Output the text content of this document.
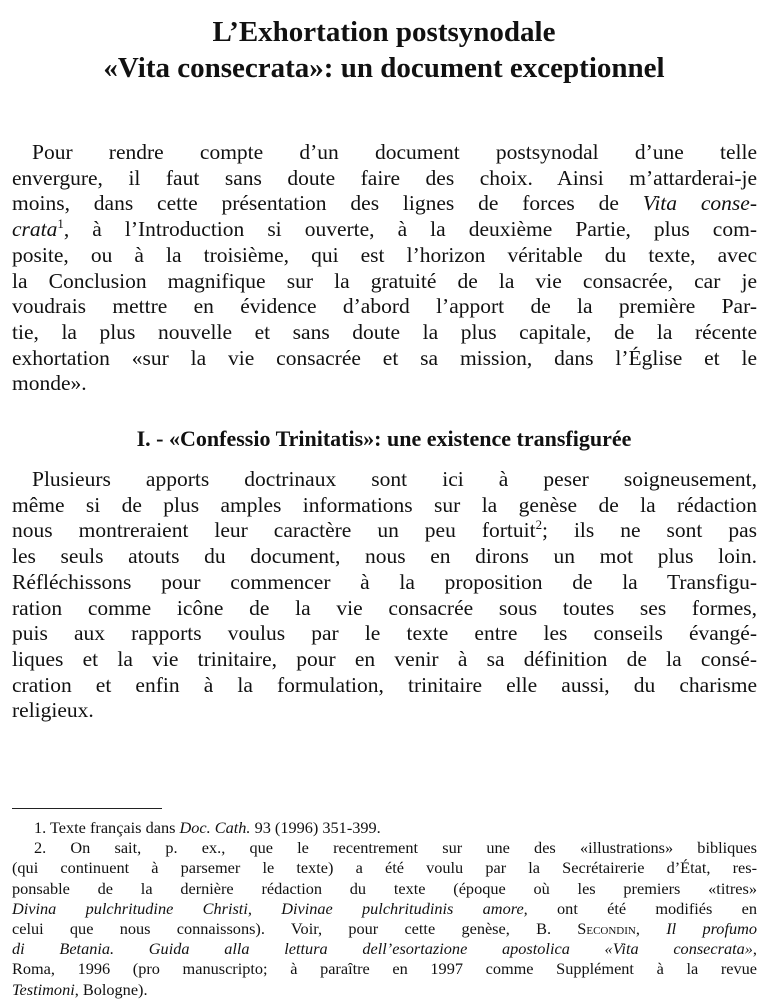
L’Exhortation postsynodale
«Vita consecrata»: un document exceptionnel

Pour rendre compte d’un document postsynodal d’une telle
envergure, il faut sans doute faire des choix. Ainsi m’attarderai-je
moins, dans cette présentation des lignes de forces de Vita conse-
crata$^1$, à l’Introduction si ouverte, à la deuxième Partie, plus com-
posite, ou à la troisième, qui est l’horizon véritable du texte, avec
la Conclusion magnifique sur la gratuité de la vie consacrée, car je
voudrais mettre en évidence d’abord l’apport de la première Par-
tie, la plus nouvelle et sans doute la plus capitale, de la récente
exhortation «sur la vie consacrée et sa mission, dans l’Église et le
monde».

I. - «Confessio Trinitatis»: une existence transfigurée

Plusieurs apports doctrinaux sont ici à peser soigneusement,
même si de plus amples informations sur la genèse de la rédaction
nous montreraient leur caractère un peu fortuit$^2$; ils ne sont pas
les seuls atouts du document, nous en dirons un mot plus loin.
Réfléchissons pour commencer à la proposition de la Transfigu-
ration comme icône de la vie consacrée sous toutes ses formes,
puis aux rapports voulus par le texte entre les conseils évangé-
liques et la vie trinitaire, pour en venir à sa définition de la consé-
cration et enfin à la formulation, trinitaire elle aussi, du charisme
religieux.

1. Texte français dans Doc. Cath. 93 (1996) 351-399.
2. On sait, p. ex., que le recentrement sur une des «illustrations» bibliques
(qui continuent à parsemer le texte) a été voulu par la Secrétairerie d’État, res-
ponsable de la dernière rédaction du texte (époque où les premiers «titres»
Divina pulchritudine Christi, Divinae pulchritudinis amore, ont été modifiés en
celui que nous connaissons). Voir, pour cette genèse, B. Secondin, Il profumo
di Betania. Guida alla lettura dell’esortazione apostolica «Vita consecrata»,
Roma, 1996 (pro manuscripto; à paraître en 1997 comme Supplément à la revue
Testimoni, Bologne).
